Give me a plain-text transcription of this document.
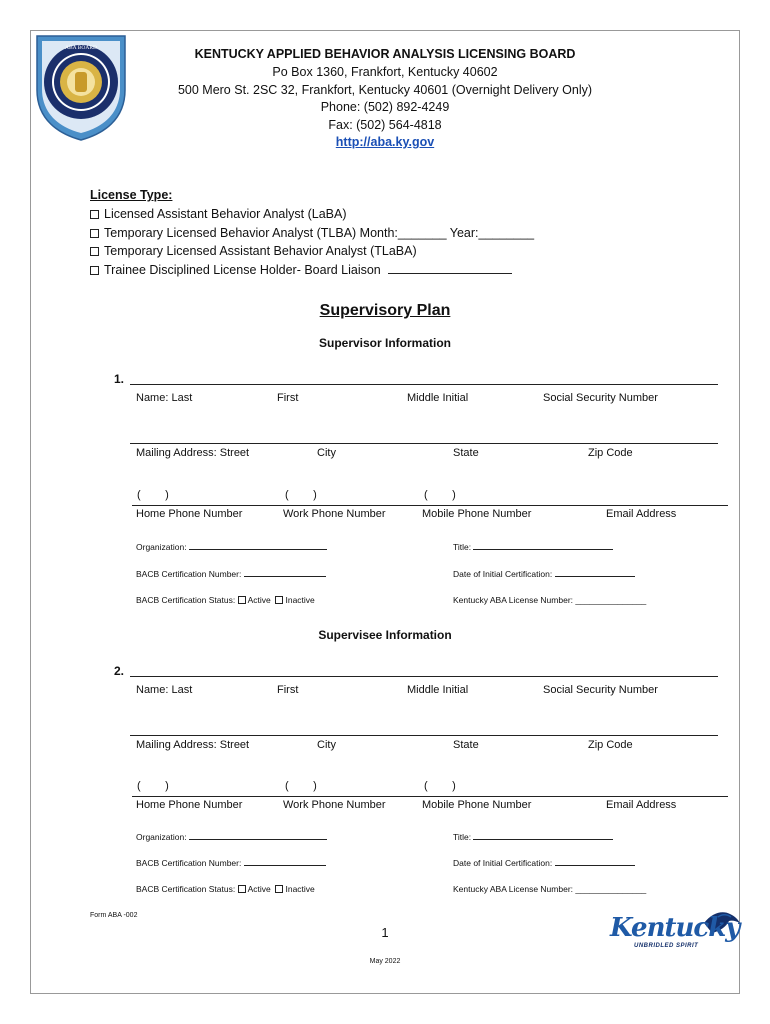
ABA BOARD	KENTUCKY APPLIED BEHAVIOR ANALYSIS LICENSING BOARD
Po Box 1360, Frankfort, Kentucky 40602
500 Mero St. 2SC 32, Frankfort, Kentucky 40601 (Overnight Delivery Only)
Phone: (502) 892-4249
Fax: (502) 564-4818
http://aba.ky.gov
License Type:
Licensed Assistant Behavior Analyst (LaBA)
Temporary Licensed Behavior Analyst (TLBA) Month:_______ Year:________
Temporary Licensed Assistant Behavior Analyst (TLaBA)
Trainee Disciplined License Holder- Board Liaison
Supervisory Plan
Supervisor Information
1.
Name: Last	First	Middle Initial	Social Security Number
Mailing Address: Street	City	State	Zip Code
(        )	(        )	(        )
Home Phone Number	Work Phone Number	Mobile Phone Number	Email Address
Organization:	Title:
BACB Certification Number:	Date of Initial Certification:
BACB Certification Status: Active Inactive	Kentucky ABA License Number: _______________
Supervisee Information
2.
Name: Last	First	Middle Initial	Social Security Number
Mailing Address: Street	City	State	Zip Code
(        )	(        )	(        )
Home Phone Number	Work Phone Number	Mobile Phone Number	Email Address
Organization:	Title:
BACB Certification Number:	Date of Initial Certification:
BACB Certification Status: Active Inactive	Kentucky ABA License Number: _______________
Form ABA -002
1
May 2022
Kentucky
UNBRIDLED SPIRIT
